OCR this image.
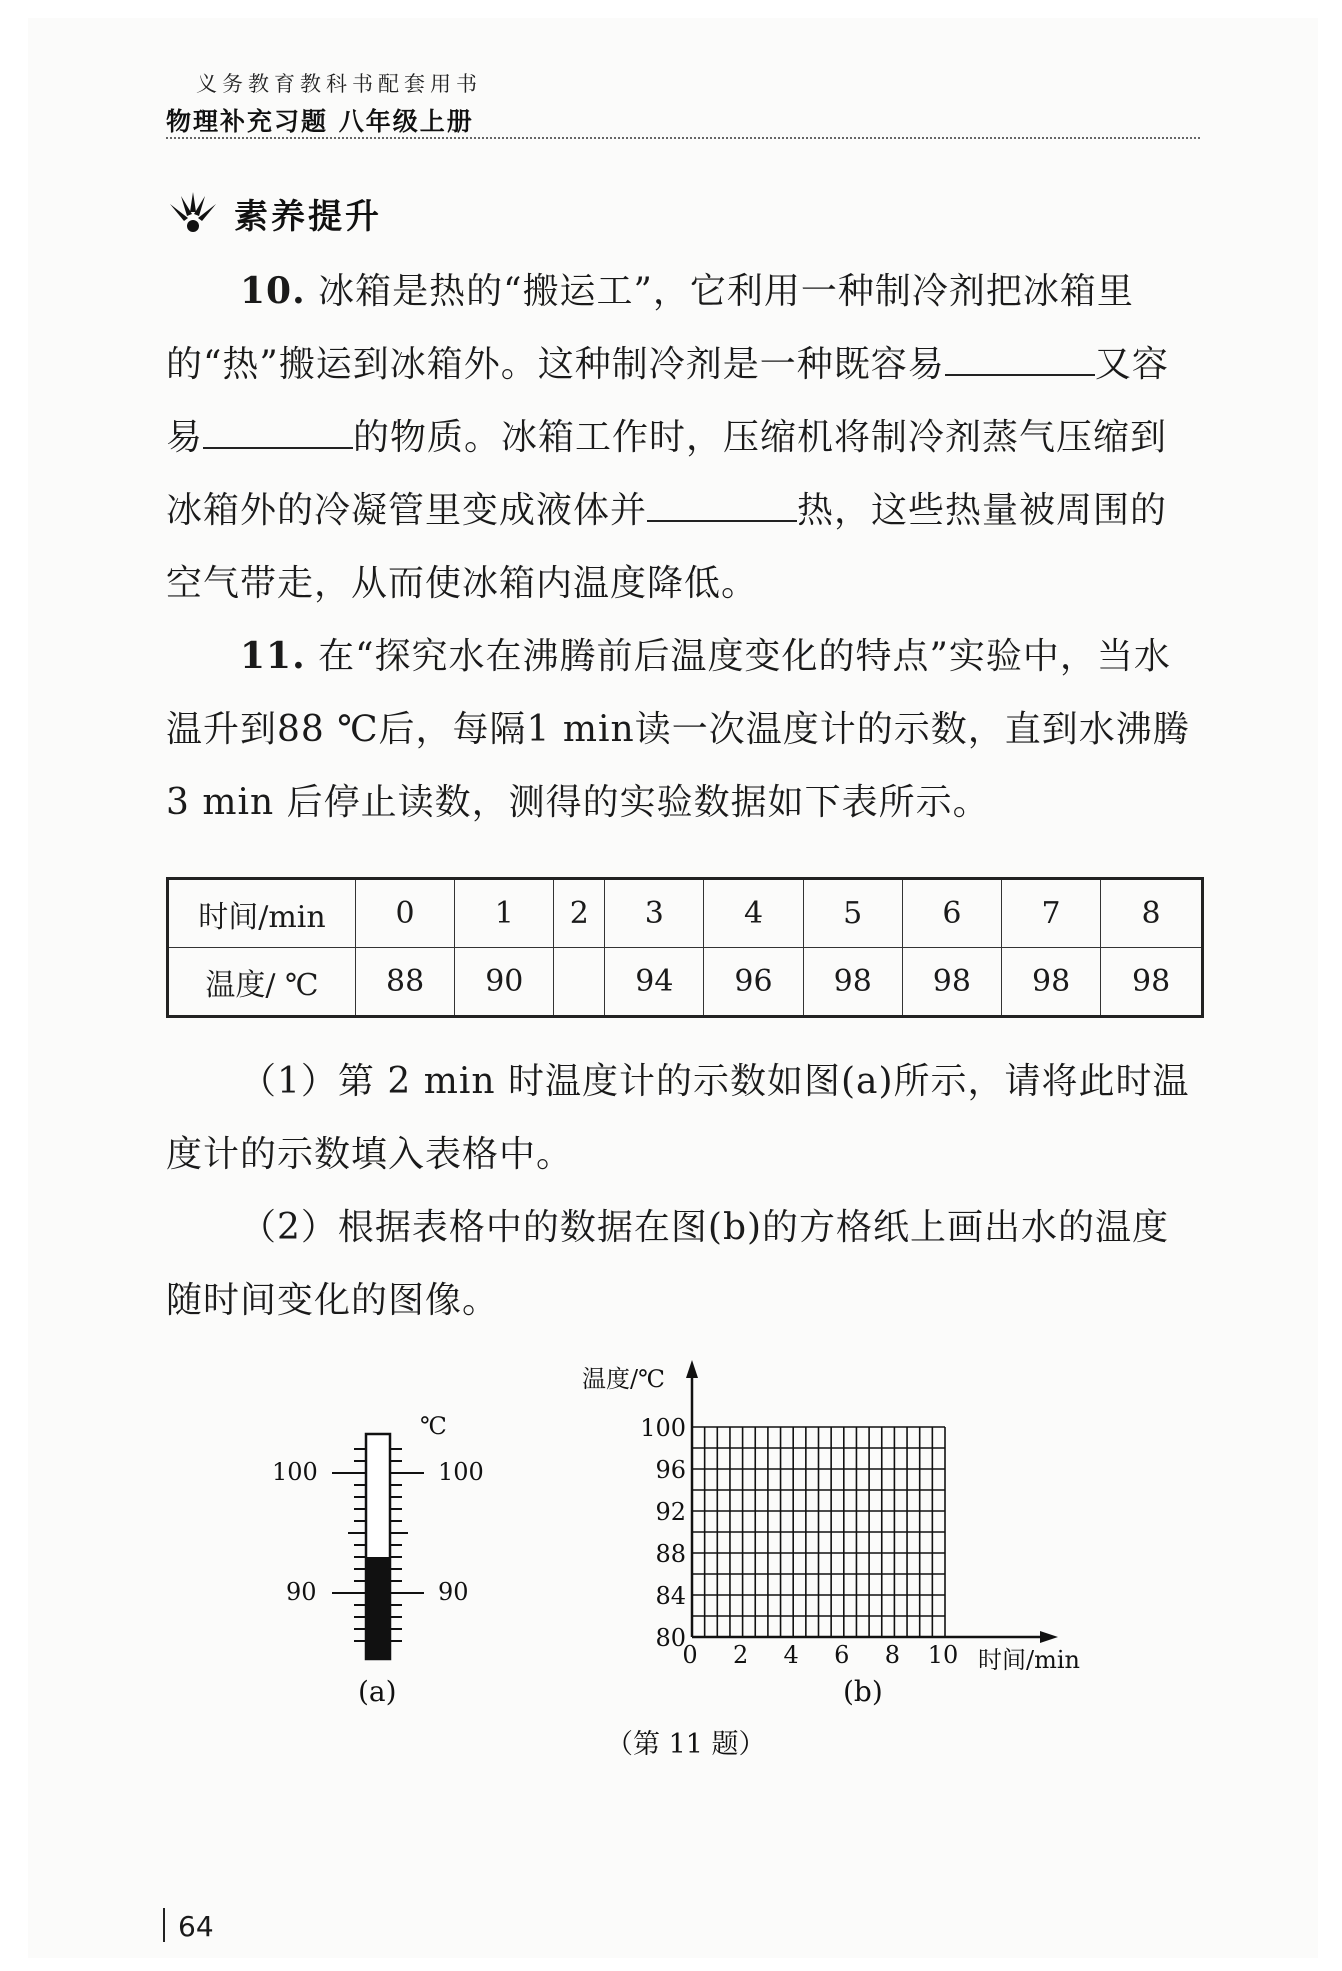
义务教育教科书配套用书
物理补充习题 八年级上册
素养提升
10. 冰箱是热的“搬运工”，它利用一种制冷剂把冰箱里的“热”搬运到冰箱外。这种制冷剂是一种既容易	又容易	的物质。冰箱工作时，压缩机将制冷剂蒸气压缩到冰箱外的冷凝管里变成液体并	热，这些热量被周围的空气带走，从而使冰箱内温度降低。
11. 在“探究水在沸腾前后温度变化的特点”实验中，当水温升到88 ℃后，每隔1 min读一次温度计的示数，直到水沸腾 3 min 后停止读数，测得的实验数据如下表所示。
时间/min	0	1	2	3	4	5	6	7	8
温度/ ℃	88	90		94	96	98	98	98	98
（1）第 2 min 时温度计的示数如图(a)所示，请将此时温度计的示数填入表格中。
（2）根据表格中的数据在图(b)的方格纸上画出水的温度随时间变化的图像。
℃
100	100
90	90
(a)
80
84
88
92
96
100
0 2 4 6 8 10
温度/℃
时间/min
(b)
（第 11 题）
64
